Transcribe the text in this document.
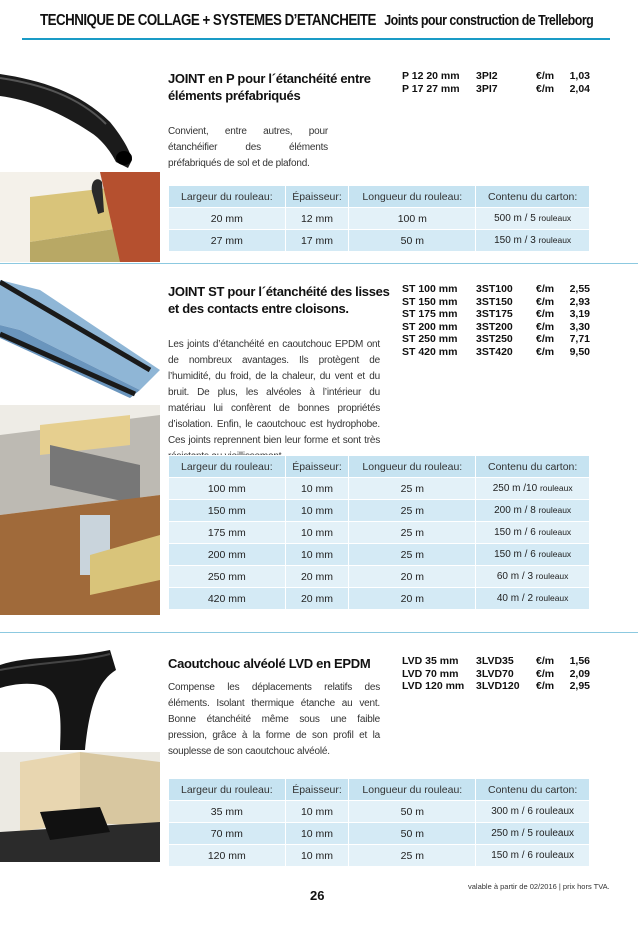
TECHNIQUE DE COLLAGE + SYSTEMES D’ETANCHEITE Joints pour construction de Trelleborg
JOINT en P pour l´étanchéité entre éléments préfabriqués
Convient, entre autres, pour étanchéifier des éléments préfabriqués de sol et de plafond.
P 12 20 mm	3PI2	€/m 1,03
P 17 27 mm	3PI7	€/m 2,04
Largeur du rouleau:	Épaisseur:	Longueur du rouleau:	Contenu du carton:
20 mm	12 mm	100 m	500 m / 5 rouleaux
27 mm	17 mm	50 m	150 m / 3 rouleaux
JOINT ST pour l´étanchéité des lisses et des contacts entre cloisons.
Les joints d’étanchéité en caoutchouc EPDM ont de nombreux avantages. Ils protègent de l’humidité, du froid, de la chaleur, du vent et du bruit. De plus, les alvéoles à l’intérieur du matériau lui confèrent de bonnes propriétés d’isolation. Enfin, le caoutchouc est hydrophobe. Ces joints reprennent bien leur forme et sont très
ST 100 mm	3ST100	€/m 2,55
ST 150 mm	3ST150	€/m 2,93
ST 175 mm	3ST175	€/m 3,19
ST 200 mm	3ST200	€/m 3,30
ST 250 mm	3ST250	€/m 7,71
ST 420 mm	3ST420	€/m 9,50
Largeur du rouleau:	Épaisseur:	Longueur du rouleau:	Contenu du carton:
100 mm	10 mm	25 m	250 m /10 rouleaux
150 mm	10 mm	25 m	200 m / 8 rouleaux
175 mm	10 mm	25 m	150 m / 6 rouleaux
200 mm	10 mm	25 m	150 m / 6 rouleaux
250 mm	20 mm	20 m	60 m / 3 rouleaux
420 mm	20 mm	20 m	40 m / 2 rouleaux
Caoutchouc alvéolé LVD en EPDM
Compense les déplacements relatifs des éléments. Isolant thermique étanche au vent. Bonne étanchéité même sous une faible pression, grâce à la forme de son profil et la souplesse de son caoutchouc alvéolé.
LVD 35 mm	3LVD35	€/m 1,56
LVD 70 mm	3LVD70	€/m 2,09
LVD 120 mm	3LVD120	€/m 2,95
Largeur du rouleau:	Épaisseur:	Longueur du rouleau:	Contenu du carton:
35 mm	10 mm	50 m	300 m / 6 rouleaux
70 mm	10 mm	50 m	250 m / 5 rouleaux
120 mm	10 mm	25 m	150 m / 6 rouleaux
26
valable à partir de 02/2016 | prix hors TVA.
